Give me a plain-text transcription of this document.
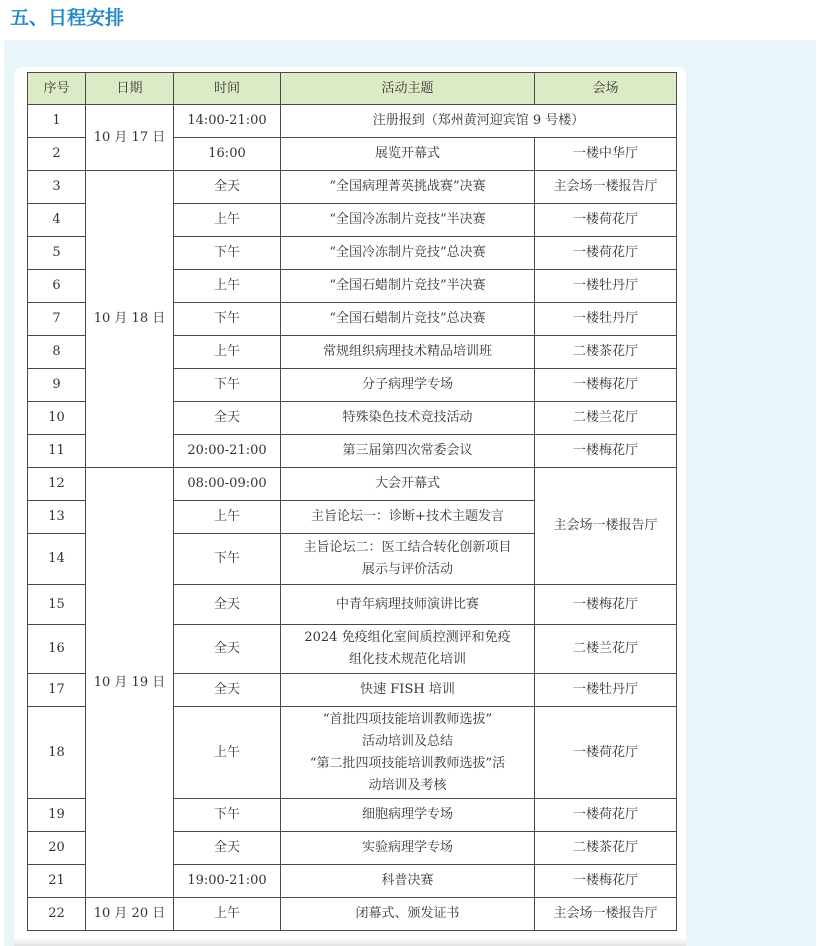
五、日程安排
序号	日期	时间	活动主题	会场
1	10 月 17 日	14:00-21:00	注册报到（郑州黄河迎宾馆 9 号楼）	
2		16:00	展览开幕式	一楼中华厅
3	10 月 18 日	全天	“全国病理菁英挑战赛”决赛	主会场一楼报告厅
4		上午	“全国冷冻制片竞技”半决赛	一楼荷花厅
5		下午	“全国冷冻制片竞技”总决赛	一楼荷花厅
6		上午	“全国石蜡制片竞技”半决赛	一楼牡丹厅
7		下午	“全国石蜡制片竞技”总决赛	一楼牡丹厅
8		上午	常规组织病理技术精品培训班	二楼茶花厅
9		下午	分子病理学专场	一楼梅花厅
10		全天	特殊染色技术竞技活动	二楼兰花厅
11		20:00-21:00	第三届第四次常委会议	一楼梅花厅
12	10 月 19 日	08:00-09:00	大会开幕式	主会场一楼报告厅
13		上午	主旨论坛一：诊断+技术主题发言	
14		下午	主旨论坛二：医工结合转化创新项目
展示与评价活动	

15		全天	中青年病理技师演讲比赛	一楼梅花厅
16		全天	2024 免疫组化室间质控测评和免疫
组化技术规范化培训	二楼兰花厅
17		全天	快速 FISH 培训	一楼牡丹厅
18		上午	“首批四项技能培训教师选拔”
活动培训及总结
“第二批四项技能培训教师选拔”活
动培训及考核	一楼荷花厅
19		下午	细胞病理学专场	一楼荷花厅
20		全天	实验病理学专场	二楼茶花厅
21		19:00-21:00	科普决赛	一楼梅花厅
22	10 月 20 日	上午	闭幕式、颁发证书	主会场一楼报告厅
